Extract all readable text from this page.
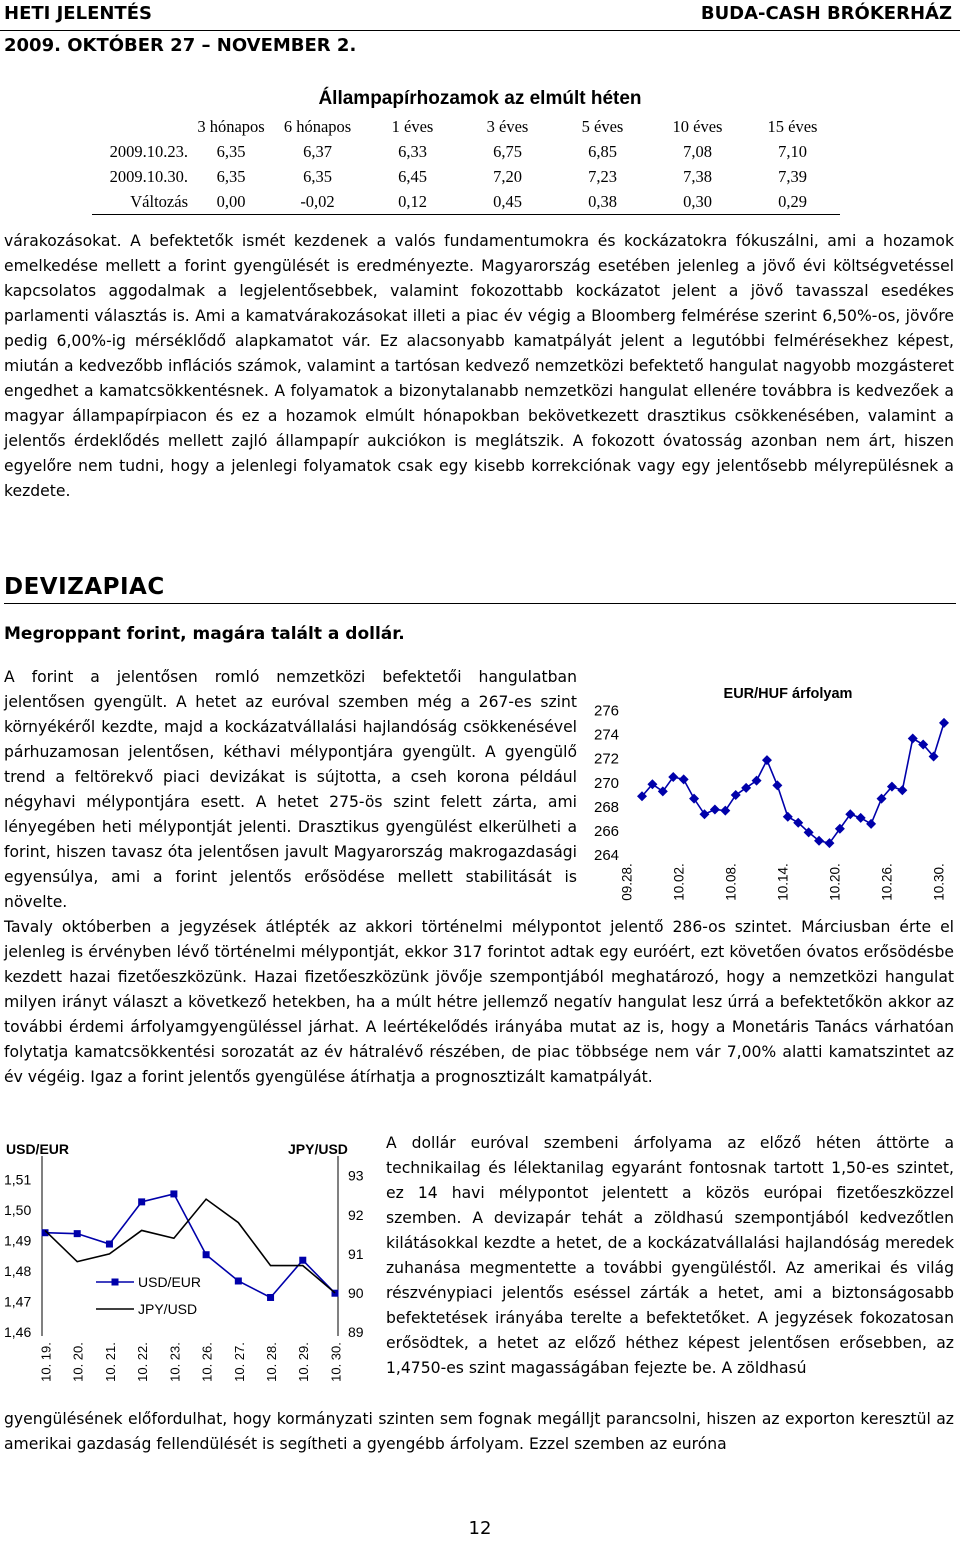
HETI JELENTÉS	BUDA-CASH BRÓKERHÁZ
2009. OKTÓBER 27 – NOVEMBER 2.
Állampapírhozamok az elmúlt héten
	3 hónapos	6 hónapos	1 éves	3 éves	5 éves	10 éves	15 éves
2009.10.23.	6,35	6,37	6,33	6,75	6,85	7,08	7,10
2009.10.30.	6,35	6,35	6,45	7,20	7,23	7,38	7,39
Változás	0,00	-0,02	0,12	0,45	0,38	0,30	0,29

várakozásokat. A befektetők ismét kezdenek a valós fundamentumokra és kockázatokra fókuszálni, ami a hozamok emelkedése mellett a forint gyengülését is eredményezte. Magyarország esetében jelenleg a jövő évi költségvetéssel kapcsolatos aggodalmak a legjelentősebbek, valamint fokozottabb kockázatot jelent a jövő tavasszal esedékes parlamenti választás is. Ami a kamatvárakozásokat illeti a piac év végig a Bloomberg felmérése szerint 6,50%-os, jövőre pedig 6,00%-ig mérséklődő alapkamatot vár. Ez alacsonyabb kamatpályát jelent a legutóbbi felmérésekhez képest, miután a kedvezőbb inflációs számok, valamint a tartósan kedvező nemzetközi befektető hangulat nagyobb mozgásteret engedhet a kamatcsökkentésnek. A folyamatok a bizonytalanabb nemzetközi hangulat ellenére továbbra is kedvezőek a magyar állampapírpiacon és ez a hozamok elmúlt hónapokban bekövetkezett drasztikus csökkenésében, valamint a jelentős érdeklődés mellett zajló állampapír aukciókon is meglátszik. A fokozott óvatosság azonban nem árt, hiszen egyelőre nem tudni, hogy a jelenlegi folyamatok csak egy kisebb korrekciónak vagy egy jelentősebb mélyrepülésnek a kezdete.

DEVIZAPIAC
Megroppant forint, magára talált a dollár.

A forint a jelentősen romló nemzetközi befektetői hangulatban jelentősen gyengült. A hetet az euróval szemben még a 267-es szint környékéről kezdte, majd a kockázatvállalási hajlandóság csökkenésével párhuzamosan jelentősen, kéthavi mélypontjára gyengült. A gyengülő trend a feltörekvő piaci devizákat is sújtotta, a cseh korona például négyhavi mélypontjára esett. A hetet 275-ös szint felett zárta, ami lényegében heti mélypontját jelenti. Drasztikus gyengülést elkerülheti a forint, hiszen tavasz óta jelentősen javult Magyarország makrogazdasági egyensúlya, ami a forint jelentős erősödése mellett stabilitását is növelte.

EUR/HUF árfolyam
264
266
268
270
272
274
276
09.28.	10.02.	10.08.	10.14.	10.20.	10.26.	10.30.

Tavaly októberben a jegyzések átlépték az akkori történelmi mélypontot jelentő 286-os szintet. Márciusban érte el jelenleg is érvényben lévő történelmi mélypontját, ekkor 317 forintot adtak egy euróért, ezt követően óvatos erősödésbe kezdett hazai fizetőeszközünk. Hazai fizetőeszközünk jövője szempontjából meghatározó, hogy a nemzetközi hangulat milyen irányt választ a következő hetekben, ha a múlt hétre jellemző negatív hangulat lesz úrrá a befektetőkön akkor az további érdemi árfolyamgyengüléssel járhat. A leértékelődés irányába mutat az is, hogy a Monetáris Tanács várhatóan folytatja kamatcsökkentési sorozatát az év hátralévő részében, de piac többsége nem vár 7,00% alatti kamatszintet az év végéig. Igaz a forint jelentős gyengülése átírhatja a prognosztizált kamatpályát.

USD/EUR	JPY/USD
1,46
1,47
1,48
1,49
1,50
1,51
89
90
91
92
93
USD/EUR
JPY/USD
10. 19. 10. 20. 10. 21. 10. 22. 10. 23. 10. 26. 10. 27. 10. 28. 10. 29. 10. 30.

A dollár euróval szembeni árfolyama az előző héten áttörte a technikailag és lélektanilag egyaránt fontosnak tartott 1,50-es szintet, ez 14 havi mélypontot jelentett a közös európai fizetőeszközzel szemben. A devizapár tehát a zöldhasú szempontjából kedvezőtlen kilátásokkal kezdte a hetet, de a kockázatvállalási hajlandóság meredek zuhanása megmentette a további gyengüléstől. Az amerikai és világ részvénypiaci jelentős eséssel zárták a hetet, ami a biztonságosabb befektetések irányába terelte a befektetőket. A jegyzések fokozatosan erősödtek, a hetet az előző héthez képest jelentősen erősebben, az 1,4750-es szint magasságában fejezte be. A zöldhasú

gyengülésének előfordulhat, hogy kormányzati szinten sem fognak megálljt parancsolni, hiszen az exporton keresztül az amerikai gazdaság fellendülését is segítheti a gyengébb árfolyam. Ezzel szemben az euróna

12
